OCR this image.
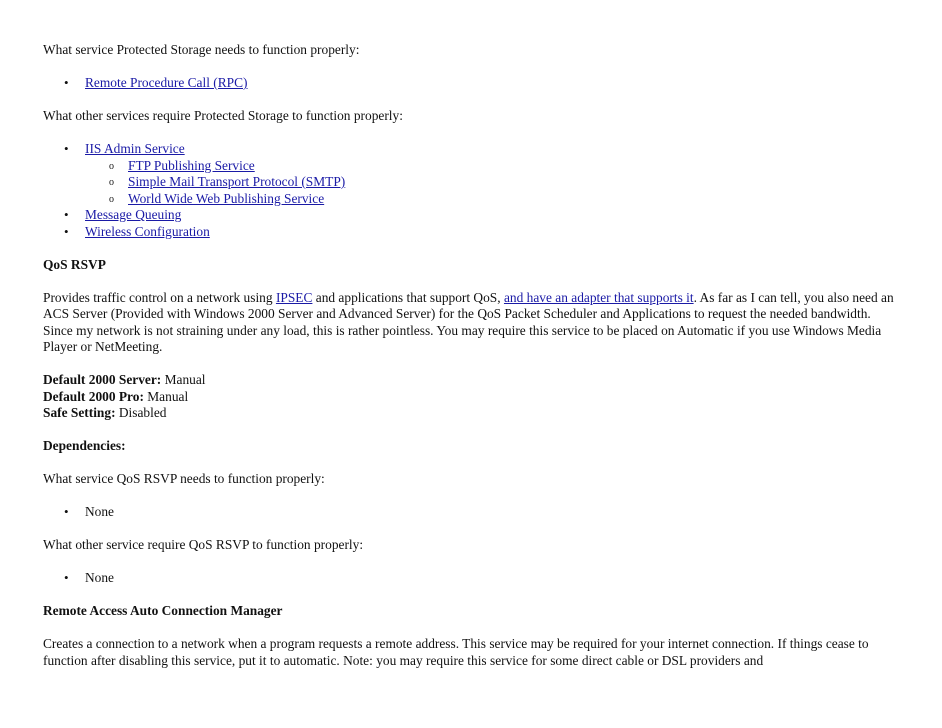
What service Protected Storage needs to function properly:

• Remote Procedure Call (RPC)

What other services require Protected Storage to function properly:

• IIS Admin Service
o FTP Publishing Service
o Simple Mail Transport Protocol (SMTP)
o World Wide Web Publishing Service
• Message Queuing
• Wireless Configuration

QoS RSVP

Provides traffic control on a network using IPSEC and applications that support QoS, and have an adapter that supports it. As far as I can tell, you also need an ACS Server (Provided with Windows 2000 Server and Advanced Server) for the QoS Packet Scheduler and Applications to request the needed bandwidth. Since my network is not straining under any load, this is rather pointless. You may require this service to be placed on Automatic if you use Windows Media Player or NetMeeting.

Default 2000 Server: Manual

Default 2000 Pro: Manual

Safe Setting: Disabled

Dependencies:

What service QoS RSVP needs to function properly:

• None

What other service require QoS RSVP to function properly:

• None

Remote Access Auto Connection Manager

Creates a connection to a network when a program requests a remote address. This service may be required for your internet connection. If things cease to function after disabling this service, put it to automatic. Note: you may require this service for some direct cable or DSL providers and
